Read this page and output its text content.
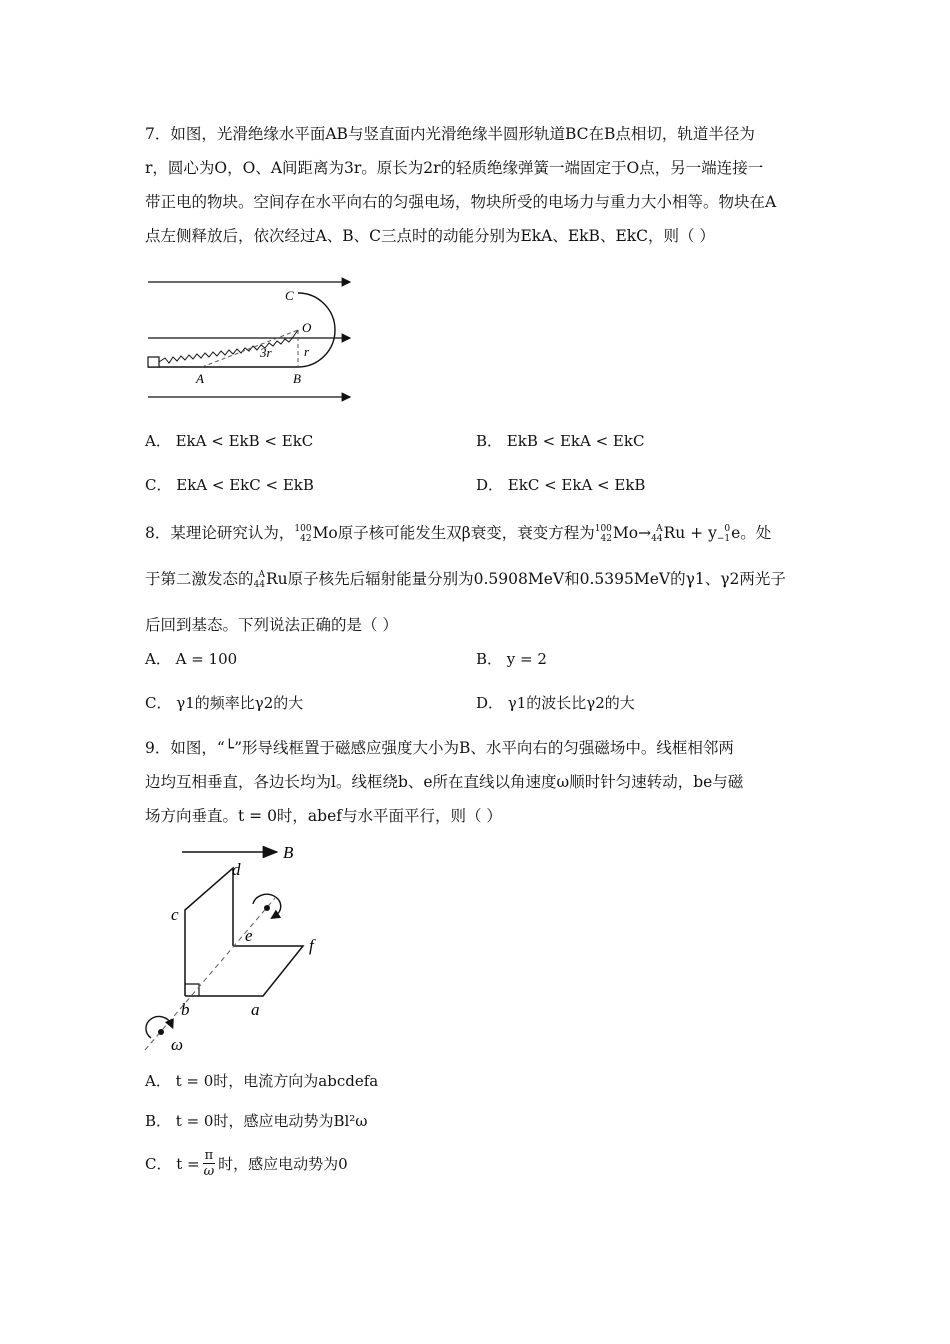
7．如图，光滑绝缘水平面AB与竖直面内光滑绝缘半圆形轨道BC在B点相切，轨道半径为
r，圆心为O，O、A间距离为3r。原长为2r的轻质绝缘弹簧一端固定于O点，另一端连接一
带正电的物块。空间存在水平向右的匀强电场，物块所受的电场力与重力大小相等。物块在A
点左侧释放后，依次经过A、B、C三点时的动能分别为EkA、EkB、EkC，则（ ）
C
O
3r r
A	B
A． EkA < EkB < EkC	B． EkB < EkA < EkC
C． EkA < EkC < EkB	D． EkC < EkA < EkB
8．某理论研究认为，100
42Mo原子核可能发生双β衰变，衰变方程为100
42Mo→ A
44Ru + y 0
−1e。处
于第二激发态的 A
44Ru原子核先后辐射能量分别为0.5908MeV和0.5395MeV的γ1、γ2两光子
后回到基态。下列说法正确的是（ ）
A． A = 100	B． y = 2
C． γ1的频率比γ2的大	D． γ1的波长比γ2的大
9．如图，“└”形导线框置于磁感应强度大小为B、水平向右的匀强磁场中。线框相邻两
边均互相垂直，各边长均为l。线框绕b、e所在直线以角速度ω顺时针匀速转动，be与磁
场方向垂直。t = 0时，abef与水平面平行，则（ ）
B
d
c
e
f
b	a
ω
A． t = 0时，电流方向为abcdefa
B． t = 0时，感应电动势为Bl²ω
C． $t = \frac{\pi}{\omega}$ 时，感应电动势为0
